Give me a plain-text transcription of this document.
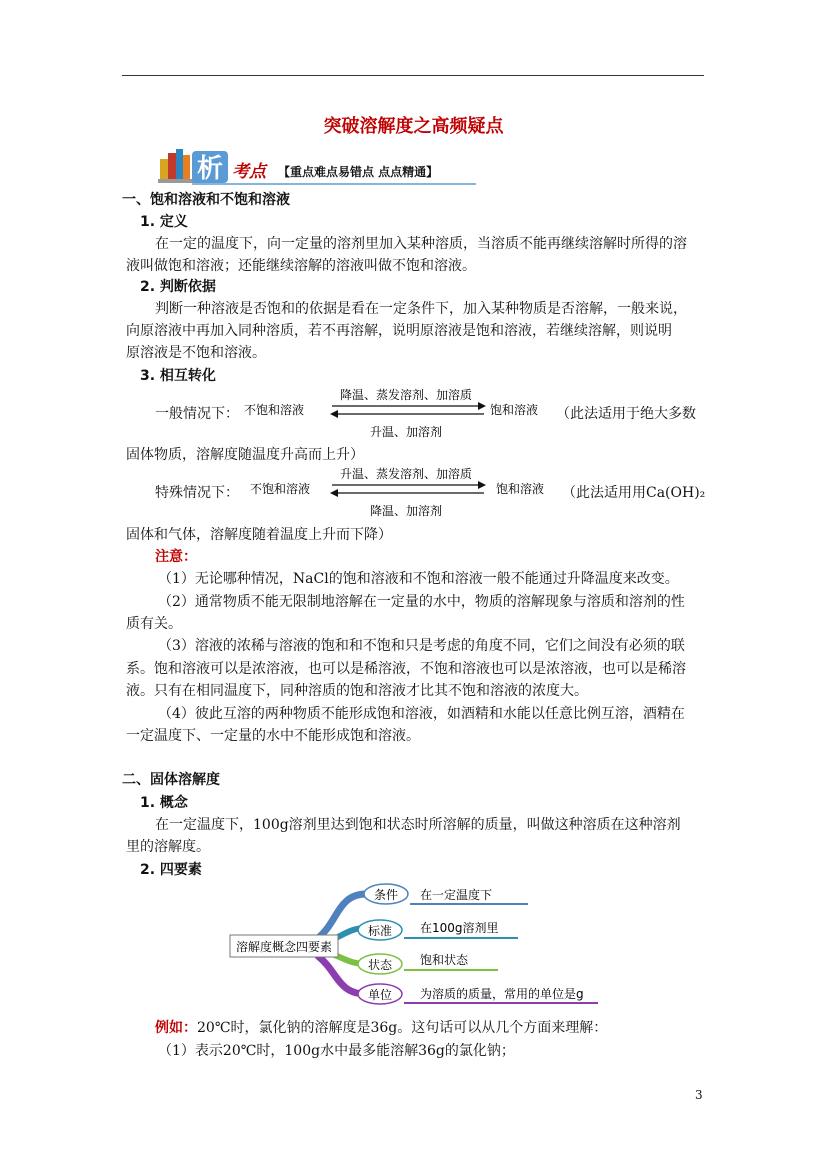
突破溶解度之高频疑点
析 考点 【重点难点易错点 点点精通】
一、饱和溶液和不饱和溶液
1. 定义
在一定的温度下，向一定量的溶剂里加入某种溶质，当溶质不能再继续溶解时所得的溶
液叫做饱和溶液；还能继续溶解的溶液叫做不饱和溶液。
2. 判断依据
判断一种溶液是否饱和的依据是看在一定条件下，加入某种物质是否溶解，一般来说，
向原溶液中再加入同种溶质，若不再溶解，说明原溶液是饱和溶液，若继续溶解，则说明
原溶液是不饱和溶液。
3. 相互转化
一般情况下： 不饱和溶液
降温、蒸发溶剂、加溶质
升温、加溶剂
饱和溶液 （此法适用于绝大多数
固体物质，溶解度随温度升高而上升）
特殊情况下： 不饱和溶液
升温、蒸发溶剂、加溶质
降温、加溶剂
饱和溶液 （此法适用用Ca(OH)₂
固体和气体，溶解度随着温度上升而下降）
注意：
（1）无论哪种情况，NaCl的饱和溶液和不饱和溶液一般不能通过升降温度来改变。
（2）通常物质不能无限制地溶解在一定量的水中，物质的溶解现象与溶质和溶剂的性
质有关。
（3）溶液的浓稀与溶液的饱和和不饱和只是考虑的角度不同，它们之间没有必须的联
系。饱和溶液可以是浓溶液，也可以是稀溶液，不饱和溶液也可以是浓溶液，也可以是稀溶
液。只有在相同温度下，同种溶质的饱和溶液才比其不饱和溶液的浓度大。
（4）彼此互溶的两种物质不能形成饱和溶液，如酒精和水能以任意比例互溶，酒精在
一定温度下、一定量的水中不能形成饱和溶液。
二、固体溶解度
1. 概念
在一定温度下，100g溶剂里达到饱和状态时所溶解的质量，叫做这种溶质在这种溶剂
里的溶解度。
2. 四要素
溶解度概念四要素
条件 在一定温度下
标准 在100g溶剂里
状态 饱和状态
单位 为溶质的质量，常用的单位是g
例如：20℃时，氯化钠的溶解度是36g。这句话可以从几个方面来理解：
（1）表示20℃时，100g水中最多能溶解36g的氯化钠；
3
